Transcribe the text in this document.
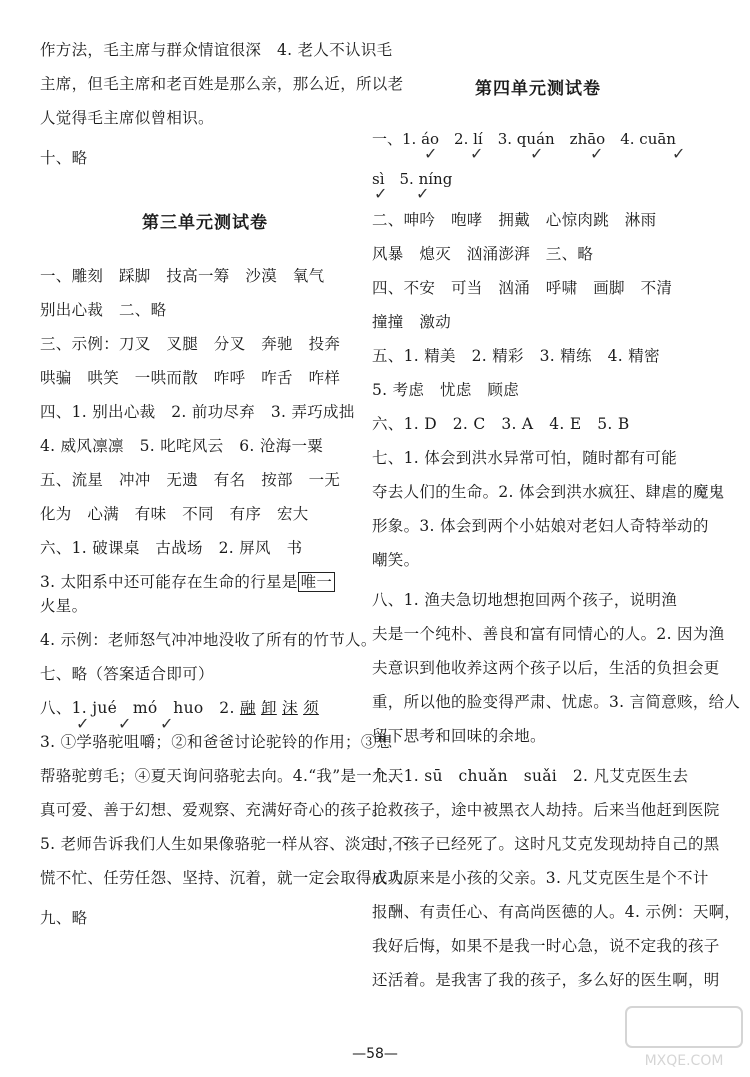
作方法，毛主席与群众情谊很深　4. 老人不认识毛
主席，但毛主席和老百姓是那么亲，那么近，所以老
人觉得毛主席似曾相识。
十、略
第三单元测试卷
一、雕刻　踩脚　技高一筹　沙漠　氧气
别出心裁　二、略
三、示例：刀叉　叉腿　分叉　奔驰　投奔
哄骗　哄笑　一哄而散　咋呼　咋舌　咋样
四、1. 别出心裁　2. 前功尽弃　3. 弄巧成拙
4. 威风凛凛　5. 叱咤风云　6. 沧海一粟
五、流星　冲冲　无遗　有名　按部　一无
化为　心满　有味　不同　有序　宏大
六、1. 破课桌　古战场　2. 屏风　书
3. 太阳系中还可能存在生命的行星是 唯一
火星。
4. 示例：老师怒气冲冲地没收了所有的竹节人。
七、略（答案适合即可）
八、1. jué　mó　huo　2. 融 卸 沫 须
✓ ✓ ✓
3. ①学骆驼咀嚼；②和爸爸讨论驼铃的作用；③想
帮骆驼剪毛；④夏天询问骆驼去向。4.“我”是一个天
真可爱、善于幻想、爱观察、充满好奇心的孩子。
5. 老师告诉我们人生如果像骆驼一样从容、淡定、不
慌不忙、任劳任怨、坚持、沉着，就一定会取得成功。
九、略
第四单元测试卷
一、1. áo　2. lí　3. quán　zhāo　4. cuān
✓ ✓	✓	✓	✓
sì　5. níng
✓ ✓
二、呻吟　咆哮　拥戴　心惊肉跳　淋雨
风暴　熄灭　汹涌澎湃　三、略
四、不安　可当　汹涌　呼啸　画脚　不清
撞撞　激动
五、1. 精美　2. 精彩　3. 精练　4. 精密
5. 考虑　忧虑　顾虑
六、1. D　2. C　3. A　4. E　5. B
七、1. 体会到洪水异常可怕，随时都有可能
夺去人们的生命。2. 体会到洪水疯狂、肆虐的魔鬼
形象。3. 体会到两个小姑娘对老妇人奇特举动的
嘲笑。
八、1. 渔夫急切地想抱回两个孩子，说明渔
夫是一个纯朴、善良和富有同情心的人。2. 因为渔
夫意识到他收养这两个孩子以后，生活的负担会更
重，所以他的脸变得严肃、忧虑。3. 言简意赅，给人
留下思考和回味的余地。
九、1. sū　chuǎn　suǎi　2. 凡艾克医生去
抢救孩子，途中被黑衣人劫持。后来当他赶到医院
时，孩子已经死了。这时凡艾克发现劫持自己的黑
衣人原来是小孩的父亲。3. 凡艾克医生是个不计
报酬、有责任心、有高尚医德的人。4. 示例：天啊，
我好后悔，如果不是我一时心急，说不定我的孩子
还活着。是我害了我的孩子，多么好的医生啊，明
—58—	MXQE.COM
